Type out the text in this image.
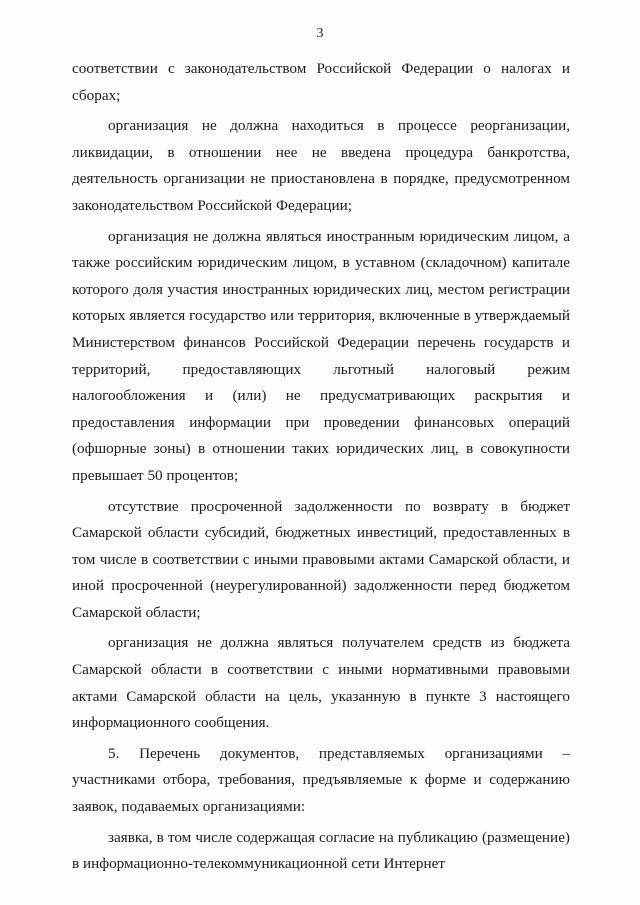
3

соответствии с законодательством Российской Федерации о налогах и сборах;

организация не должна находиться в процессе реорганизации, ликвидации, в отношении нее не введена процедура банкротства, деятельность организации не приостановлена в порядке, предусмотренном законодательством Российской Федерации;

организация не должна являться иностранным юридическим лицом, а также российским юридическим лицом, в уставном (складочном) капитале которого доля участия иностранных юридических лиц, местом регистрации которых является государство или территория, включенные в утверждаемый Министерством финансов Российской Федерации перечень государств и территорий, предоставляющих льготный налоговый режим налогообложения и (или) не предусматривающих раскрытия и предоставления информации при проведении финансовых операций (офшорные зоны) в отношении таких юридических лиц, в совокупности превышает 50 процентов;

отсутствие просроченной задолженности по возврату в бюджет Самарской области субсидий, бюджетных инвестиций, предоставленных в том числе в соответствии с иными правовыми актами Самарской области, и иной просроченной (неурегулированной) задолженности перед бюджетом Самарской области;

организация не должна являться получателем средств из бюджета Самарской области в соответствии с иными нормативными правовыми актами Самарской области на цель, указанную в пункте 3 настоящего информационного сообщения.

5. Перечень документов, представляемых организациями – участниками отбора, требования, предъявляемые к форме и содержанию заявок, подаваемых организациями:

заявка, в том числе содержащая согласие на публикацию (размещение) в информационно-телекоммуникационной сети Интернет
